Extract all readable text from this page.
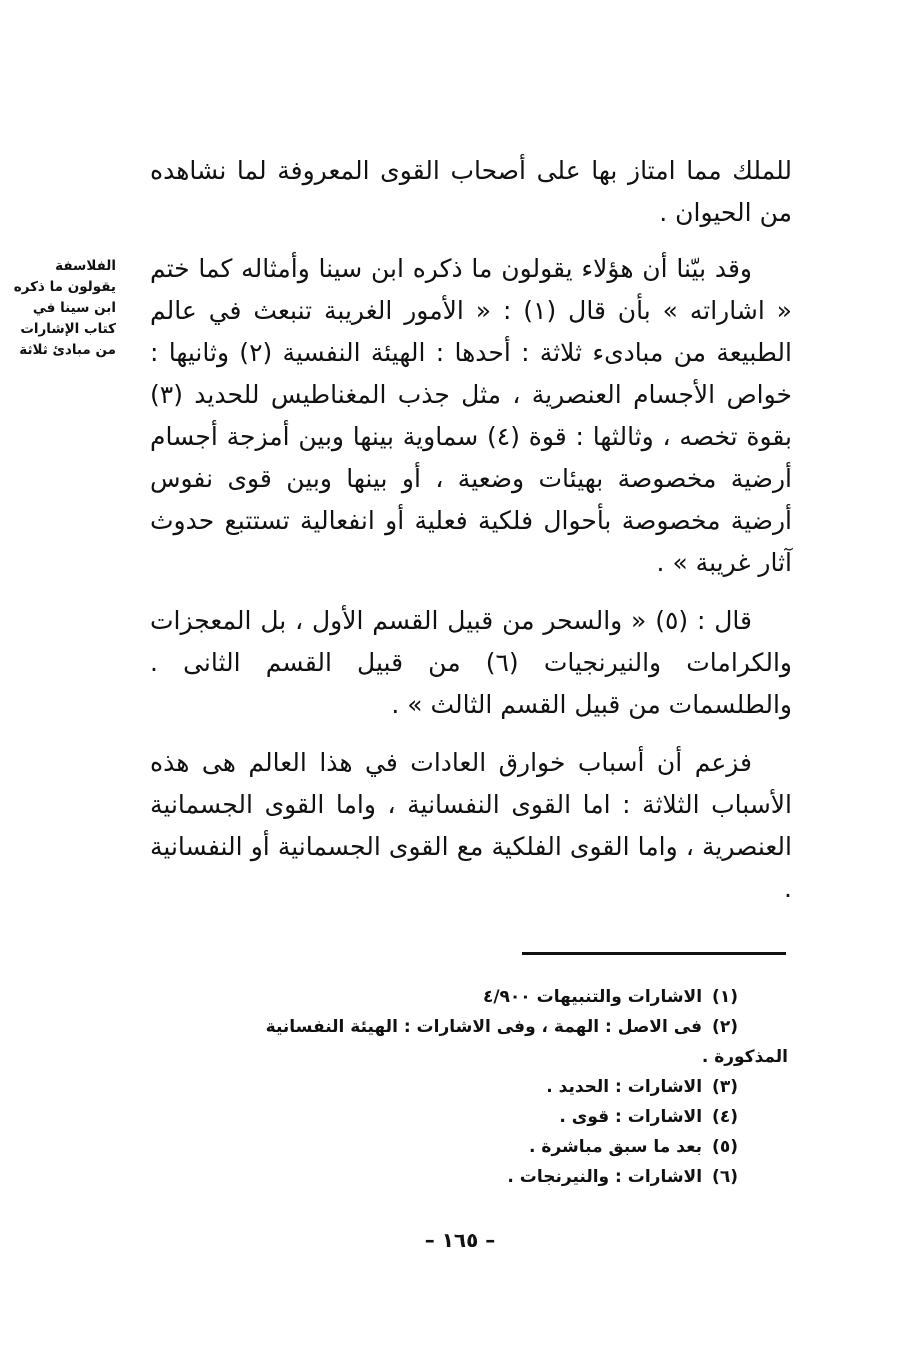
للملك مما امتاز بها على أصحاب القوى المعروفة لما نشاهده من الحيوان .

وقد بيّنا أن هؤلاء يقولون ما ذكره ابن سينا وأمثاله كما ختم « اشاراته » بأن قال (١) : « الأمور الغريبة تنبعث في عالم الطبيعة من مبادىء ثلاثة : أحدها : الهيئة النفسية (٢) وثانيها : خواص الأجسام العنصرية ، مثل جذب المغناطيس للحديد (٣) بقوة تخصه ، وثالثها : قوة (٤) سماوية بينها وبين أمزجة أجسام أرضية مخصوصة بهيئات وضعية ، أو بينها وبين قوى نفوس أرضية مخصوصة بأحوال فلكية فعلية أو انفعالية تستتبع حدوث آثار غريبة » .

قال : (٥) « والسحر من قبيل القسم الأول ، بل المعجزات والكرامات والنيرنجيات (٦) من قبيل القسم الثانى . والطلسمات من قبيل القسم الثالث » .

فزعم أن أسباب خوارق العادات في هذا العالم هى هذه الأسباب الثلاثة : اما القوى النفسانية ، واما القوى الجسمانية العنصرية ، واما القوى الفلكية مع القوى الجسمانية أو النفسانية .

الفلاسفة
يقولون ما ذكره
ابن سينا في
كتاب الإشارات
من مبادئ ثلاثة
(١)الاشارات والتنبيهات ٤/٩٠٠
(٢)فى الاصل : الهمة ، وفى الاشارات : الهيئة النفسانية
المذكورة .
(٣)الاشارات : الحديد .
(٤)الاشارات : قوى .
(٥)بعد ما سبق مباشرة .
(٦)الاشارات : والنيرنجات .
– ١٦٥ –
